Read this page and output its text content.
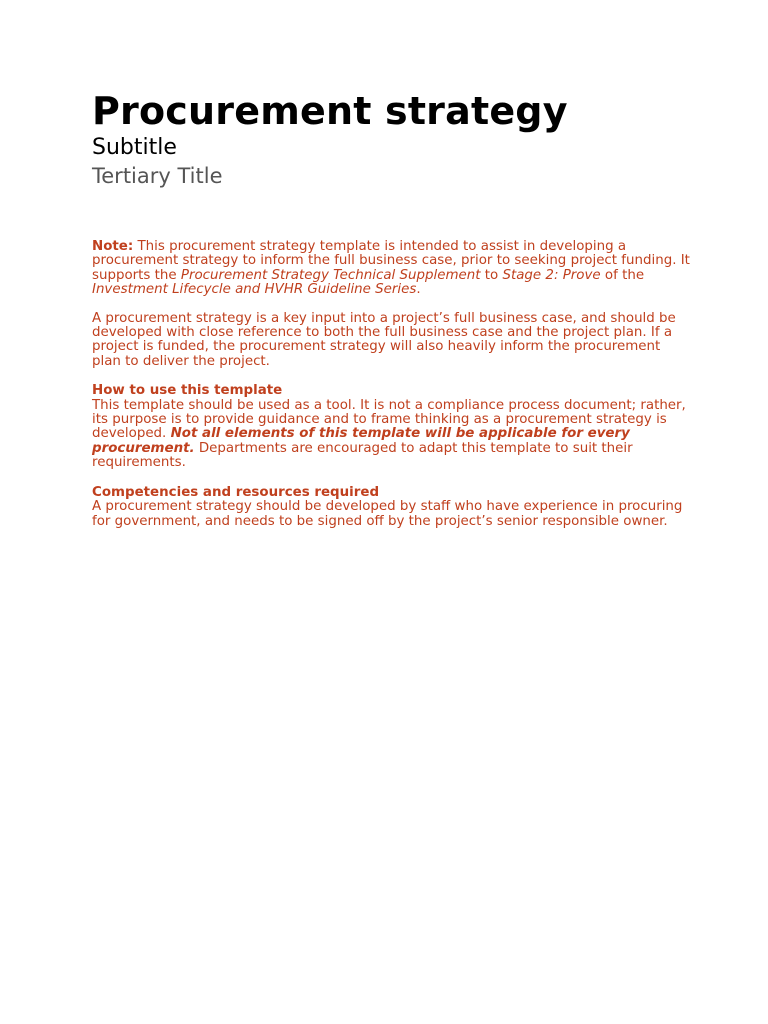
Procurement strategy
Subtitle
Tertiary Title

Note: This procurement strategy template is intended to assist in developing a procurement strategy to inform the full business case, prior to seeking project funding. It supports the Procurement Strategy Technical Supplement to Stage 2: Prove of the Investment Lifecycle and HVHR Guideline Series.

A procurement strategy is a key input into a project’s full business case, and should be developed with close reference to both the full business case and the project plan. If a project is funded, the procurement strategy will also heavily inform the procurement plan to deliver the project.

How to use this template

This template should be used as a tool. It is not a compliance process document; rather, its purpose is to provide guidance and to frame thinking as a procurement strategy is developed. Not all elements of this template will be applicable for every procurement. Departments are encouraged to adapt this template to suit their requirements.

Competencies and resources required

A procurement strategy should be developed by staff who have experience in procuring for government, and needs to be signed off by the project’s senior responsible owner.
